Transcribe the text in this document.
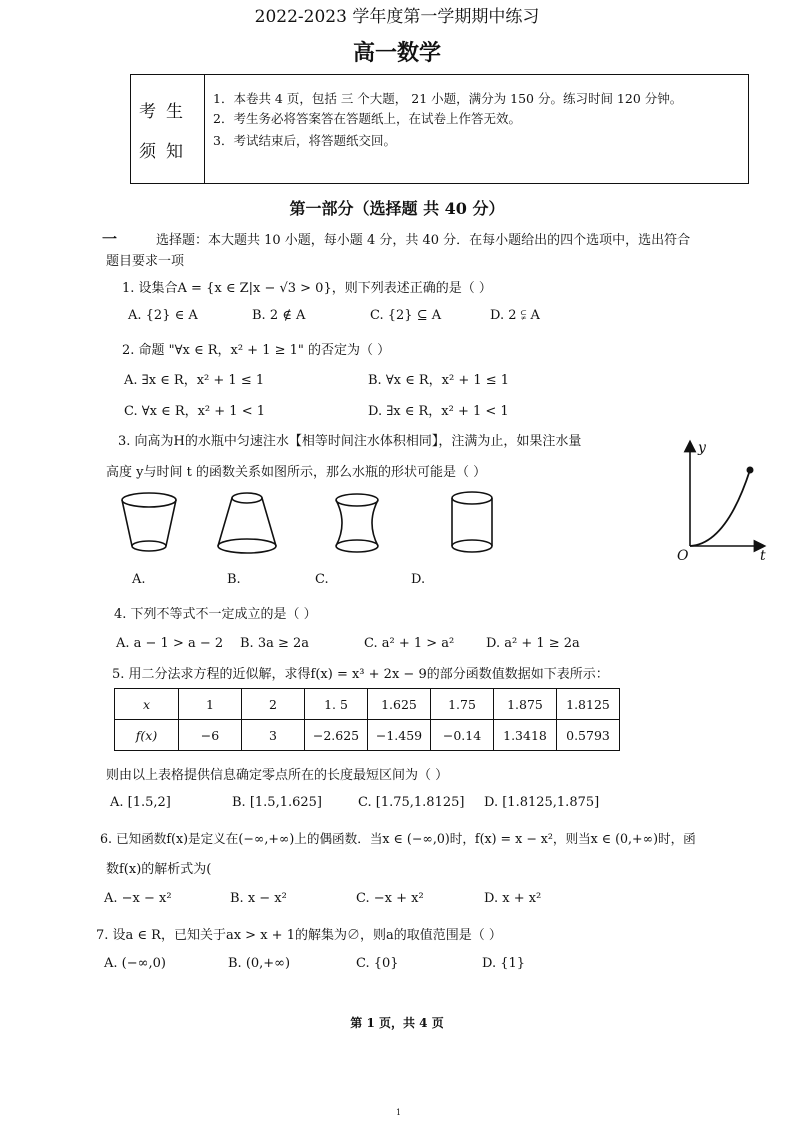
2022-2023 学年度第一学期期中练习
高一数学
考生
须知
1．本卷共 4 页，包括 三 个大题， 21 小题，满分为 150 分。练习时间 120 分钟。
2．考生务必将答案答在答题纸上，在试卷上作答无效。
3．考试结束后，将答题纸交回。
第一部分（选择题 共 40 分）
一	选择题：本大题共 10 小题，每小题 4 分，共 40 分．在每小题给出的四个选项中，选出符合
题目要求一项
1. 设集合A = {x ∈ Z|x − √3 > 0}，则下列表述正确的是（ ）
A. {2} ∈ A	B. 2 ∉ A	C. {2} ⊆ A	D. 2 ⫋ A
2. 命题 "∀x ∈ R，x² + 1 ≥ 1" 的否定为（ ）
A. ∃x ∈ R，x² + 1 ≤ 1	B. ∀x ∈ R，x² + 1 ≤ 1
C. ∀x ∈ R，x² + 1 < 1	D. ∃x ∈ R，x² + 1 < 1
3. 向高为H的水瓶中匀速注水【相等时间注水体积相同】，注满为止，如果注水量
高度 y与时间 t 的函数关系如图所示，那么水瓶的形状可能是（ ）
A.	B.	C.	D.
y
t
O
4. 下列不等式不一定成立的是（ ）
A. a − 1 > a − 2 B. 3a ≥ 2a	C. a² + 1 > a² D. a² + 1 ≥ 2a
5. 用二分法求方程的近似解，求得f(x) = x³ + 2x − 9的部分函数值数据如下表所示：
x	1	2	1. 5	1.625	1.75	1.875	1.8125
f(x)	−6	3	−2.625	−1.459	−0.14	1.3418	0.5793
则由以上表格提供信息确定零点所在的长度最短区间为（ ）
A. [1.5,2]	B. [1.5,1.625]	C. [1.75,1.8125] D. [1.8125,1.875]
6. 已知函数f(x)是定义在(−∞,+∞)上的偶函数．当x ∈ (−∞,0)时，f(x) = x − x²，则当x ∈ (0,+∞)时，函
数f(x)的解析式为(
A. −x − x²	B. x − x²	C. −x + x²	D. x + x²
7. 设a ∈ R，已知关于ax > x + 1的解集为∅，则a的取值范围是（ ）
A. (−∞,0)	B. (0,+∞)	C. {0}	D. {1}
第 1 页，共 4 页
1
